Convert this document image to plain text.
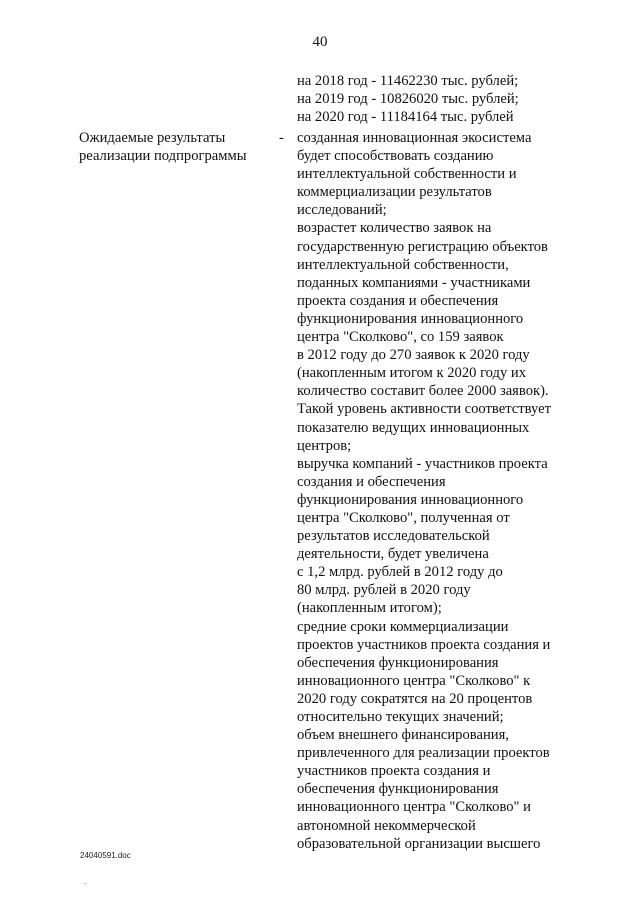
40
на 2018 год - 11462230 тыс. рублей;
на 2019 год - 10826020 тыс. рублей;
на 2020 год - 11184164 тыс. рублей
Ожидаемые результаты
реализации подпрограммы
- созданная инновационная экосистема
будет способствовать созданию
интеллектуальной собственности и
коммерциализации результатов
исследований;
возрастет количество заявок на
государственную регистрацию объектов
интеллектуальной собственности,
поданных компаниями - участниками
проекта создания и обеспечения
функционирования инновационного
центра "Сколково", со 159 заявок
в 2012 году до 270 заявок к 2020 году
(накопленным итогом к 2020 году их
количество составит более 2000 заявок).
Такой уровень активности соответствует
показателю ведущих инновационных
центров;
выручка компаний - участников проекта
создания и обеспечения
функционирования инновационного
центра "Сколково", полученная от
результатов исследовательской
деятельности, будет увеличена
с 1,2 млрд. рублей в 2012 году до
80 млрд. рублей в 2020 году
(накопленным итогом);
средние сроки коммерциализации
проектов участников проекта создания и
обеспечения функционирования
инновационного центра "Сколково" к
2020 году сократятся на 20 процентов
относительно текущих значений;
объем внешнего финансирования,
привлеченного для реализации проектов
участников проекта создания и
обеспечения функционирования
инновационного центра "Сколково" и
автономной некоммерческой
образовательной организации высшего
24040591.doc
